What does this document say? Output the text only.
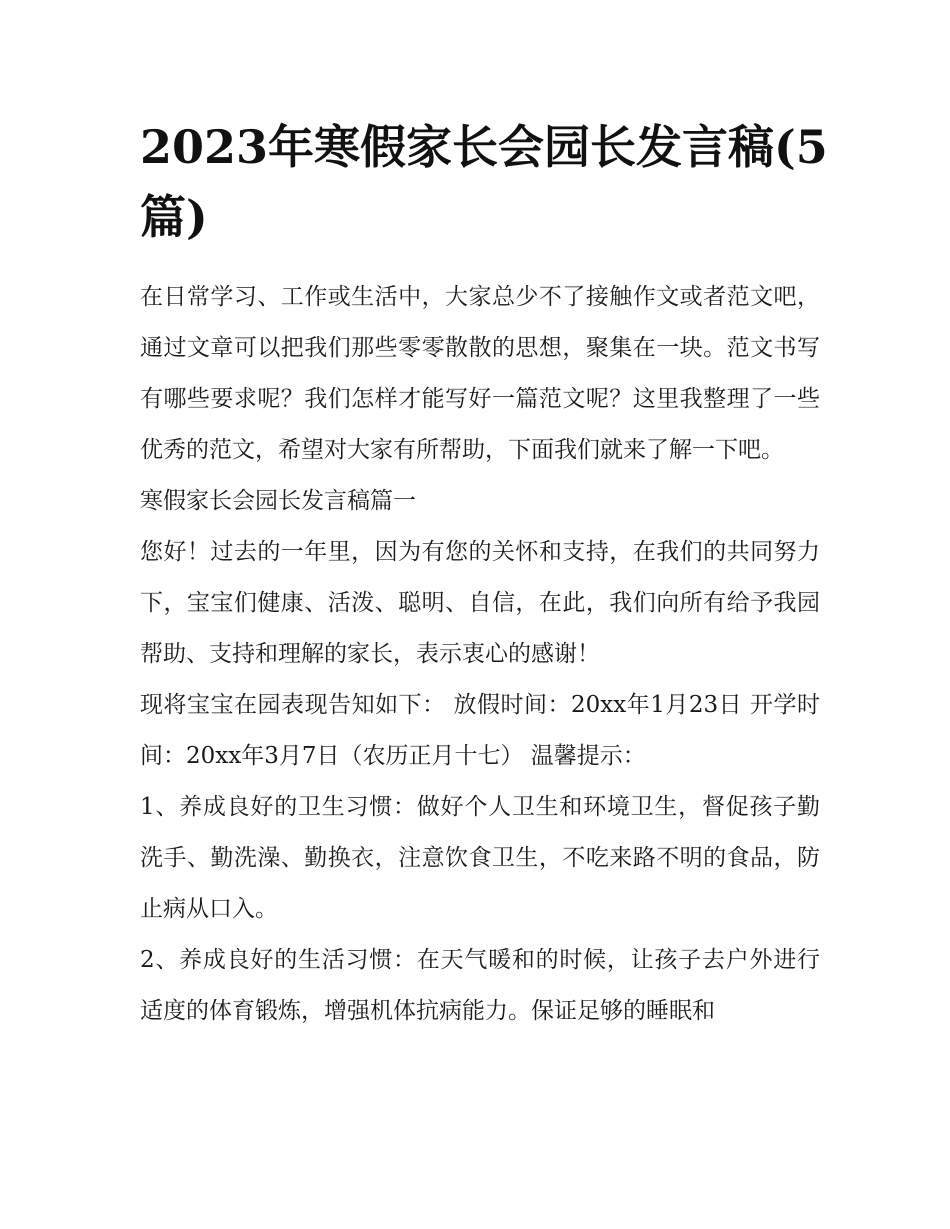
2023年寒假家长会园长发言稿(5篇)

在日常学习、工作或生活中，大家总少不了接触作文或者范文吧，通过文章可以把我们那些零零散散的思想，聚集在一块。范文书写有哪些要求呢？我们怎样才能写好一篇范文呢？这里我整理了一些优秀的范文，希望对大家有所帮助，下面我们就来了解一下吧。

寒假家长会园长发言稿篇一

您好！过去的一年里，因为有您的关怀和支持，在我们的共同努力下，宝宝们健康、活泼、聪明、自信，在此，我们向所有给予我园帮助、支持和理解的家长，表示衷心的感谢！

现将宝宝在园表现告知如下： 放假时间：20xx年1月23日 开学时间：20xx年3月7日（农历正月十七） 温馨提示：

1、养成良好的卫生习惯：做好个人卫生和环境卫生，督促孩子勤洗手、勤洗澡、勤换衣，注意饮食卫生，不吃来路不明的食品，防止病从口入。

2、养成良好的生活习惯：在天气暖和的时候，让孩子去户外进行适度的体育锻炼，增强机体抗病能力。保证足够的睡眠和
